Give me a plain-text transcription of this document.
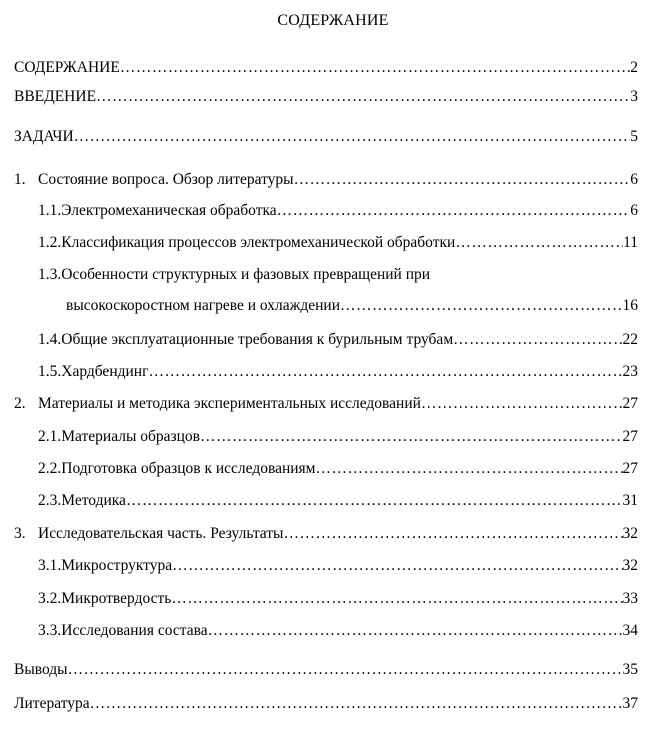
СОДЕРЖАНИЕ
СОДЕРЖАНИЕ	2
……………………………………………………………………………………………………………………………………………………………………………………………
ВВЕДЕНИЕ	3
……………………………………………………………………………………………………………………………………………………………………………………………
ЗАДАЧИ	5
……………………………………………………………………………………………………………………………………………………………………………………………
1. Состояние вопроса. Обзор литературы	6
……………………………………………………………………………………………………………………………………………………………………………………………
1.1. Электромеханическая обработка	6
……………………………………………………………………………………………………………………………………………………………………………………………
1.2. Классификация процессов электромеханической обработки	11
……………………………………………………………………………………………………………………………………………………………………………………………
1.3. Особенности структурных и фазовых превращений при
высокоскоростном нагреве и охлаждении	16
……………………………………………………………………………………………………………………………………………………………………………………………
1.4. Общие эксплуатационные требования к бурильным трубам	22
……………………………………………………………………………………………………………………………………………………………………………………………
1.5. Хардбендинг	23
……………………………………………………………………………………………………………………………………………………………………………………………
2. Материалы и методика экспериментальных исследований	27
……………………………………………………………………………………………………………………………………………………………………………………………
2.1. Материалы образцов	27
……………………………………………………………………………………………………………………………………………………………………………………………
2.2. Подготовка образцов к исследованиям	27
……………………………………………………………………………………………………………………………………………………………………………………………
2.3. Методика	31
……………………………………………………………………………………………………………………………………………………………………………………………
3. Исследовательская часть. Результаты	32
……………………………………………………………………………………………………………………………………………………………………………………………
3.1. Микроструктура	32
……………………………………………………………………………………………………………………………………………………………………………………………
3.2. Микротвердость	33
……………………………………………………………………………………………………………………………………………………………………………………………
3.3. Исследования состава	34
……………………………………………………………………………………………………………………………………………………………………………………………
Выводы	35
……………………………………………………………………………………………………………………………………………………………………………………………
Литература	37
……………………………………………………………………………………………………………………………………………………………………………………………
